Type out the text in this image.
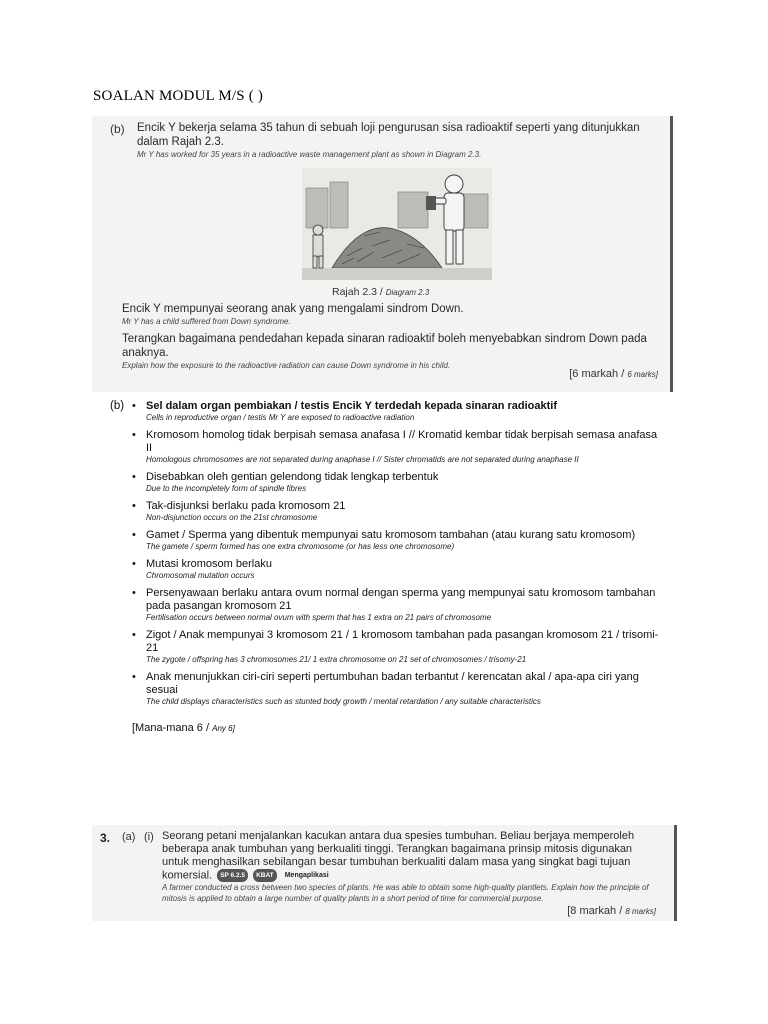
SOALAN MODUL M/S ( )
(b) Encik Y bekerja selama 35 tahun di sebuah loji pengurusan sisa radioaktif seperti yang ditunjukkan dalam Rajah 2.3.
Mr Y has worked for 35 years in a radioactive waste management plant as shown in Diagram 2.3.
Rajah 2.3 / Diagram 2.3
Encik Y mempunyai seorang anak yang mengalami sindrom Down.
Mr Y has a child suffered from Down syndrome.
Terangkan bagaimana pendedahan kepada sinaran radioaktif boleh menyebabkan sindrom Down pada anaknya.
Explain how the exposure to the radioactive radiation can cause Down syndrome in his child.
[6 markah / 6 marks]
(b)
• Sel dalam organ pembiakan / testis Encik Y terdedah kepada sinaran radioaktif
Cells in reproductive organ / testis Mr Y are exposed to radioactive radiation
• Kromosom homolog tidak berpisah semasa anafasa I // Kromatid kembar tidak berpisah semasa anafasa II
Homologous chromosomes are not separated during anaphase I // Sister chromatids are not separated during anaphase II
• Disebabkan oleh gentian gelendong tidak lengkap terbentuk
Due to the incompletely form of spindle fibres
• Tak-disjunksi berlaku pada kromosom 21
Non-disjunction occurs on the 21st chromosome
• Gamet / Sperma yang dibentuk mempunyai satu kromosom tambahan (atau kurang satu kromosom)
The gamete / sperm formed has one extra chromosome (or has less one chromosome)
• Mutasi kromosom berlaku
Chromosomal mutation occurs
• Persenyawaan berlaku antara ovum normal dengan sperma yang mempunyai satu kromosom tambahan pada pasangan kromosom 21
Fertilisation occurs between normal ovum with sperm that has 1 extra on 21 pairs of chromosome
• Zigot / Anak mempunyai 3 kromosom 21 / 1 kromosom tambahan pada pasangan kromosom 21 / trisomi-21
The zygote / offspring has 3 chromosomes 21/ 1 extra chromosome on 21 set of chromosomes / trisomy-21
• Anak menunjukkan ciri-ciri seperti pertumbuhan badan terbantut / kerencatan akal / apa-apa ciri yang sesuai
The child displays characteristics such as stunted body growth / mental retardation / any suitable characteristics
[Mana-mana 6 / Any 6]
3. (a) (i) Seorang petani menjalankan kacukan antara dua spesies tumbuhan. Beliau berjaya memperoleh beberapa anak tumbuhan yang berkualiti tinggi. Terangkan bagaimana prinsip mitosis digunakan untuk menghasilkan sebilangan besar tumbuhan berkualiti dalam masa yang singkat bagi tujuan komersial. SP 6.2.5 KBAT Mengaplikasi
A farmer conducted a cross between two species of plants. He was able to obtain some high-quality plantlets. Explain how the principle of mitosis is applied to obtain a large number of quality plants in a short period of time for commercial purpose.
[8 markah / 8 marks]
